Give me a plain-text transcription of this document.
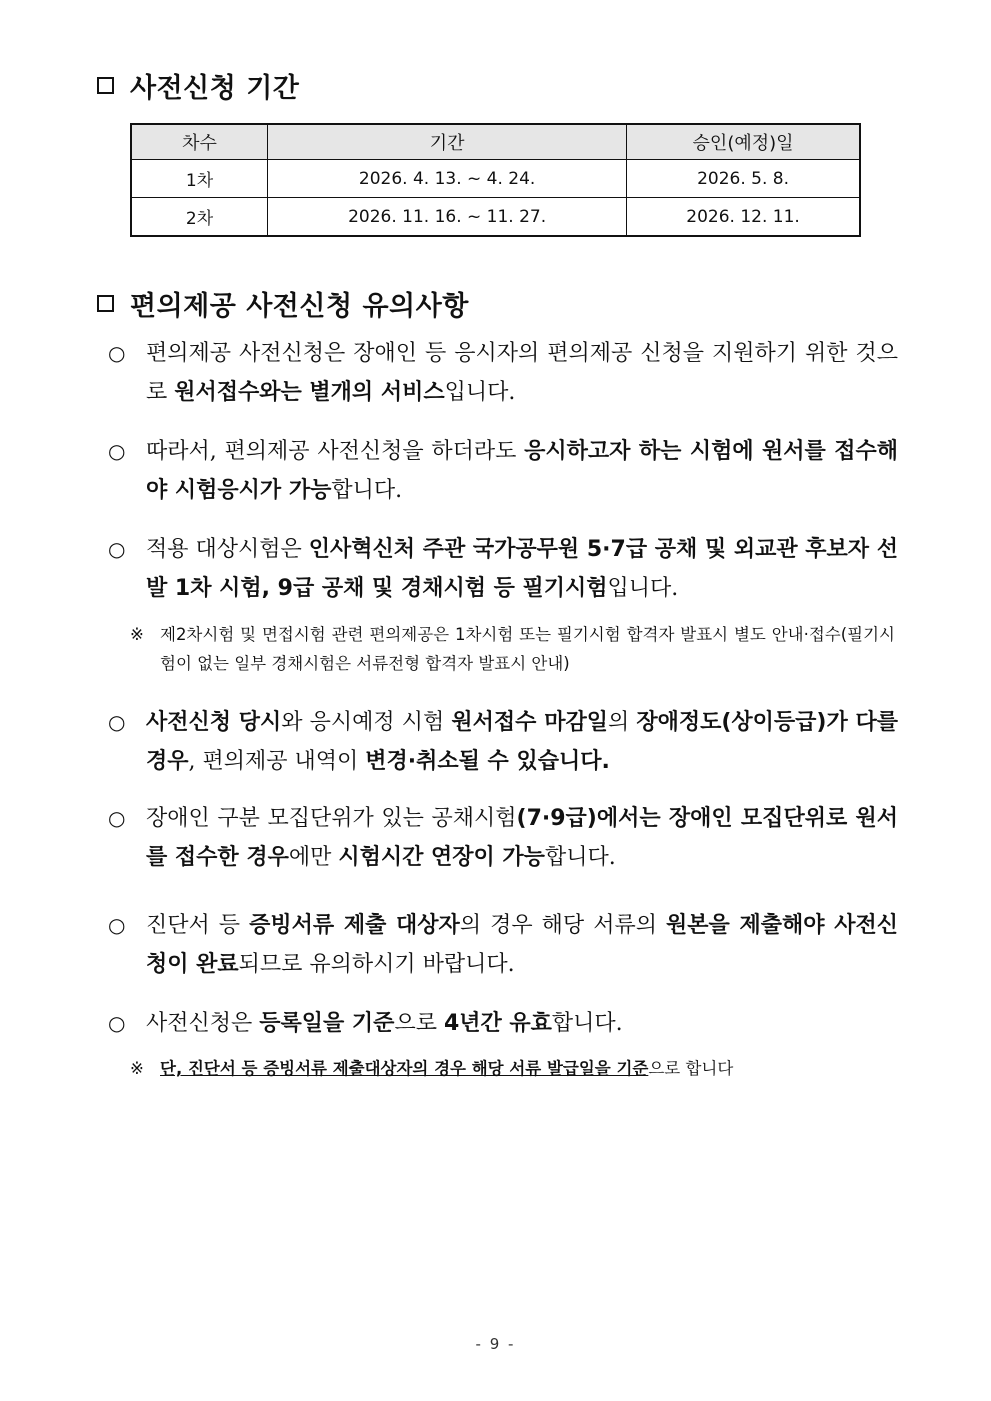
사전신청 기간
차수	기간	승인(예정)일
1차	2026. 4. 13. ~ 4. 24.	2026. 5. 8.
2차	2026. 11. 16. ~ 11. 27.	2026. 12. 11.
편의제공 사전신청 유의사항
○ 편의제공 사전신청은 장애인 등 응시자의 편의제공 신청을 지원하기 위한 것으로 원서접수와는 별개의 서비스입니다.
○ 따라서, 편의제공 사전신청을 하더라도 응시하고자 하는 시험에 원서를 접수해야 시험응시가 가능합니다.
○ 적용 대상시험은 인사혁신처 주관 국가공무원 5·7급 공채 및 외교관 후보자 선발 1차 시험, 9급 공채 및 경채시험 등 필기시험입니다.
※ 제2차시험 및 면접시험 관련 편의제공은 1차시험 또는 필기시험 합격자 발표시 별도 안내·접수(필기시험이 없는 일부 경채시험은 서류전형 합격자 발표시 안내)
○ 사전신청 당시와 응시예정 시험 원서접수 마감일의 장애정도(상이등급)가 다를 경우, 편의제공 내역이 변경·취소될 수 있습니다.
○ 장애인 구분 모집단위가 있는 공채시험(7·9급)에서는 장애인 모집단위로 원서를 접수한 경우에만 시험시간 연장이 가능합니다.
○ 진단서 등 증빙서류 제출 대상자의 경우 해당 서류의 원본을 제출해야 사전신청이 완료되므로 유의하시기 바랍니다.
○ 사전신청은 등록일을 기준으로 4년간 유효합니다.
※ 단, 진단서 등 증빙서류 제출대상자의 경우 해당 서류 발급일을 기준으로 합니다
- 9 -
